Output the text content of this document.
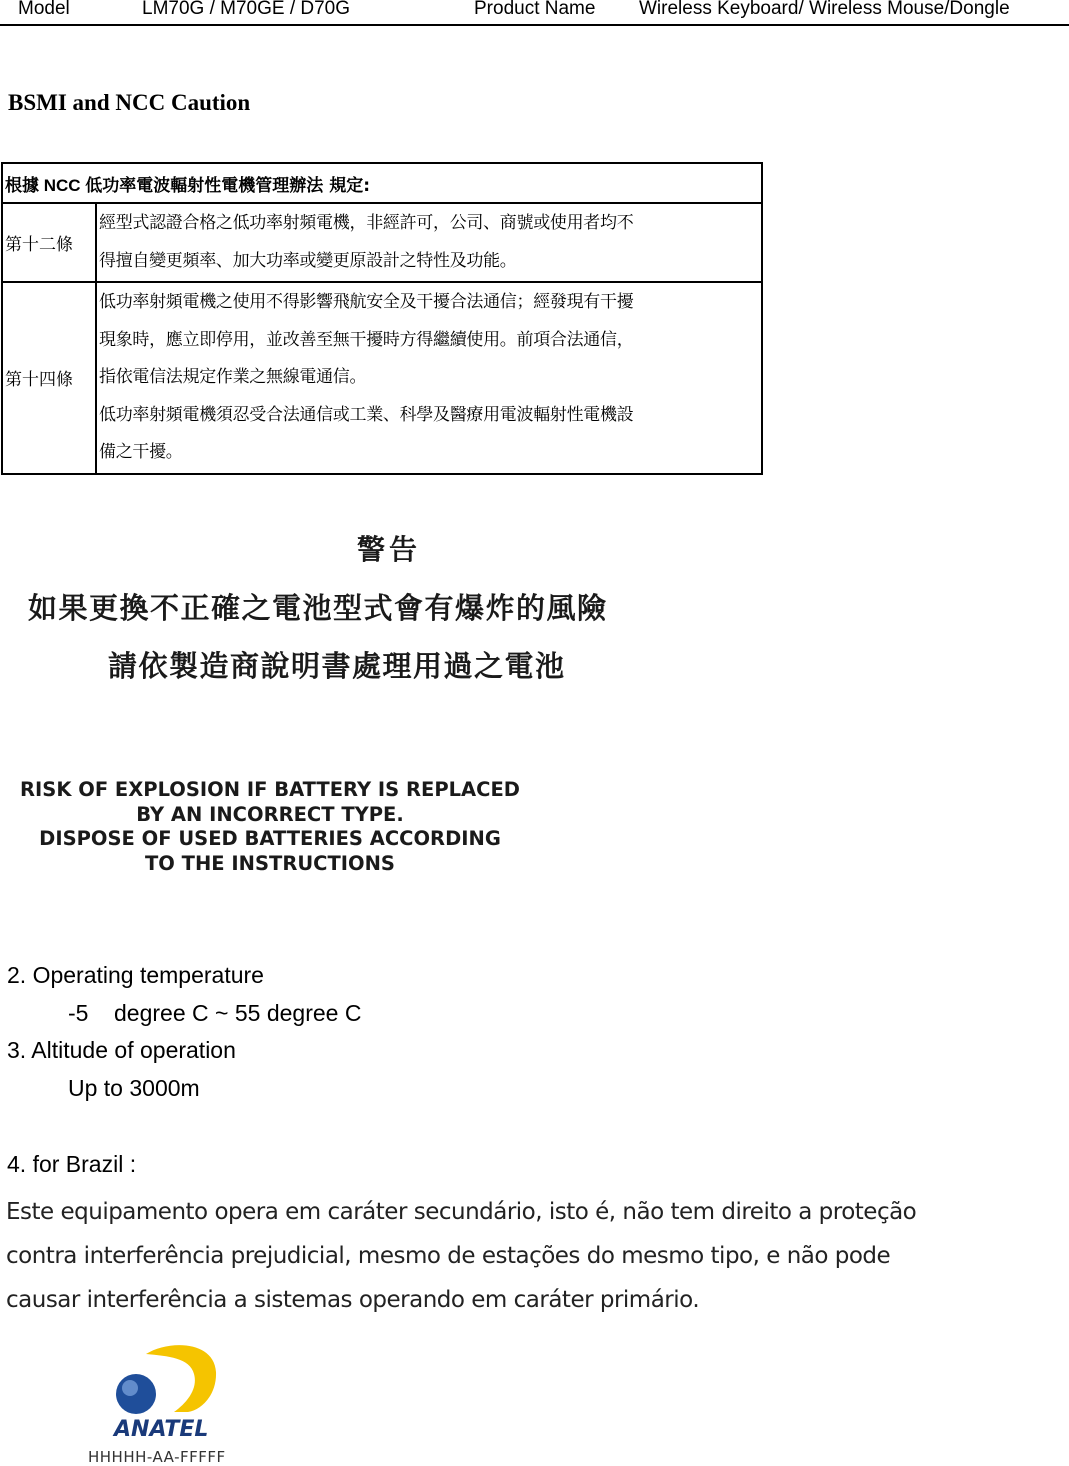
Model	LM70G / M70GE / D70G	Product Name Wireless Keyboard/ Wireless Mouse/Dongle
BSMI and NCC Caution
根據 NCC 低功率電波輻射性電機管理辦法 規定:	
第十二條	經型式認證合格之低功率射頻電機，非經許可，公司、商號或使用者均不
得擅自變更頻率、加大功率或變更原設計之特性及功能。

第十四條	低功率射頻電機之使用不得影響飛航安全及干擾合法通信；經發現有干擾
現象時，應立即停用，並改善至無干擾時方得繼續使用。前項合法通信，
指依電信法規定作業之無線電通信。
低功率射頻電機須忍受合法通信或工業、科學及醫療用電波輻射性電機設
備之干擾。
警告
如果更換不正確之電池型式會有爆炸的風險
請依製造商說明書處理用過之電池
RISK OF EXPLOSION IF BATTERY IS REPLACED
BY AN INCORRECT TYPE.
DISPOSE OF USED BATTERIES ACCORDING
TO THE INSTRUCTIONS
2. Operating temperature
-5    degree C ~ 55 degree C
3. Altitude of operation
Up to 3000m
4. for Brazil :
Este equipamento opera em caráter secundário, isto é, não tem direito a proteção
contra interferência prejudicial, mesmo de estações do mesmo tipo, e não pode
causar interferência a sistemas operando em caráter primário.
ANATEL
HHHHH-AA-FFFFF
